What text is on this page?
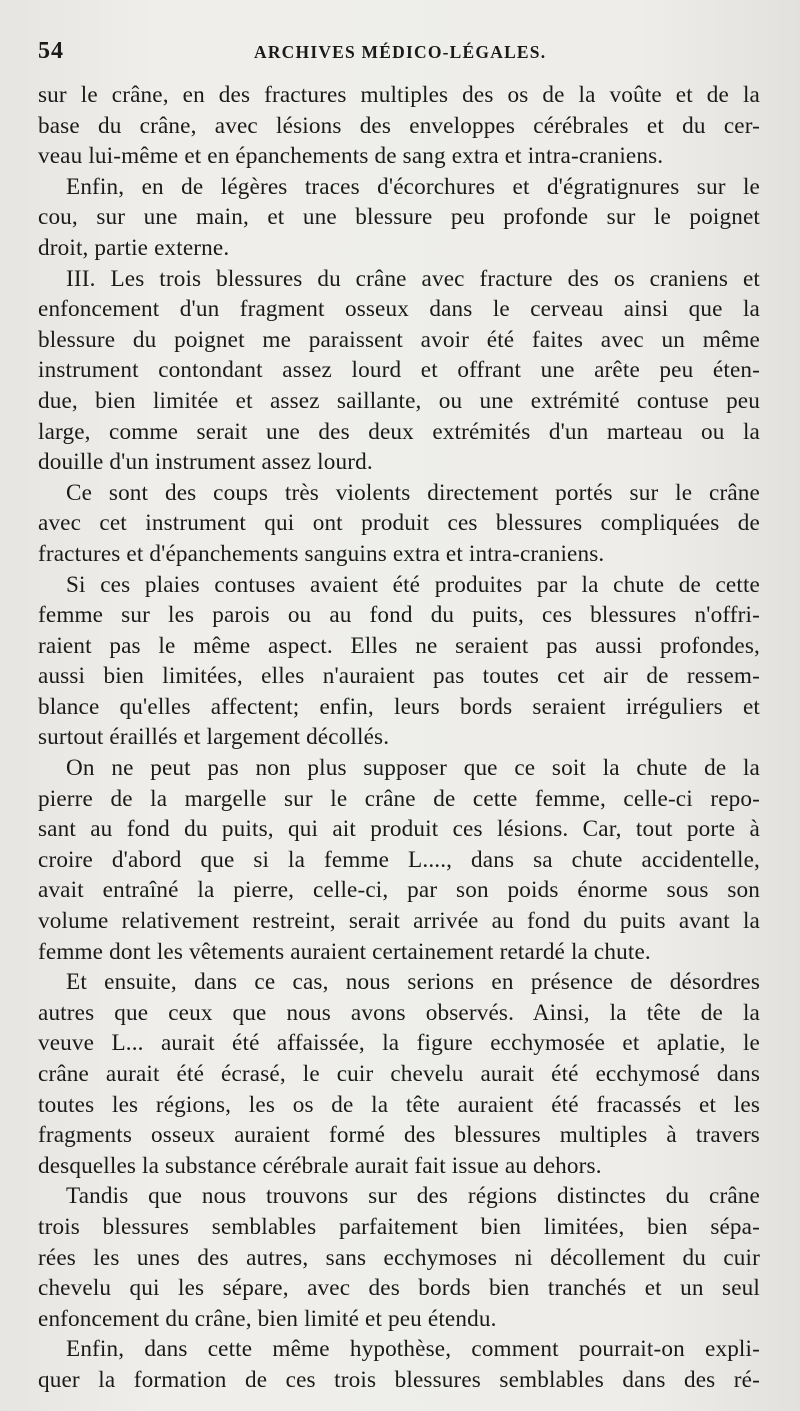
54	ARCHIVES MÉDICO-LÉGALES.
sur le crâne, en des fractures multiples des os de la voûte et de la
base du crâne, avec lésions des enveloppes cérébrales et du cer-
veau lui-même et en épanchements de sang extra et intra-craniens.
Enfin, en de légères traces d'écorchures et d'égratignures sur le
cou, sur une main, et une blessure peu profonde sur le poignet
droit, partie externe.
III. Les trois blessures du crâne avec fracture des os craniens et
enfoncement d'un fragment osseux dans le cerveau ainsi que la
blessure du poignet me paraissent avoir été faites avec un même
instrument contondant assez lourd et offrant une arête peu éten-
due, bien limitée et assez saillante, ou une extrémité contuse peu
large, comme serait une des deux extrémités d'un marteau ou la
douille d'un instrument assez lourd.
Ce sont des coups très violents directement portés sur le crâne
avec cet instrument qui ont produit ces blessures compliquées de
fractures et d'épanchements sanguins extra et intra-craniens.
Si ces plaies contuses avaient été produites par la chute de cette
femme sur les parois ou au fond du puits, ces blessures n'offri-
raient pas le même aspect. Elles ne seraient pas aussi profondes,
aussi bien limitées, elles n'auraient pas toutes cet air de ressem-
blance qu'elles affectent; enfin, leurs bords seraient irréguliers et
surtout éraillés et largement décollés.
On ne peut pas non plus supposer que ce soit la chute de la
pierre de la margelle sur le crâne de cette femme, celle-ci repo-
sant au fond du puits, qui ait produit ces lésions. Car, tout porte à
croire d'abord que si la femme L...., dans sa chute accidentelle,
avait entraîné la pierre, celle-ci, par son poids énorme sous son
volume relativement restreint, serait arrivée au fond du puits avant la
femme dont les vêtements auraient certainement retardé la chute.
Et ensuite, dans ce cas, nous serions en présence de désordres
autres que ceux que nous avons observés. Ainsi, la tête de la
veuve L... aurait été affaissée, la figure ecchymosée et aplatie, le
crâne aurait été écrasé, le cuir chevelu aurait été ecchymosé dans
toutes les régions, les os de la tête auraient été fracassés et les
fragments osseux auraient formé des blessures multiples à travers
desquelles la substance cérébrale aurait fait issue au dehors.
Tandis que nous trouvons sur des régions distinctes du crâne
trois blessures semblables parfaitement bien limitées, bien sépa-
rées les unes des autres, sans ecchymoses ni décollement du cuir
chevelu qui les sépare, avec des bords bien tranchés et un seul
enfoncement du crâne, bien limité et peu étendu.
Enfin, dans cette même hypothèse, comment pourrait-on expli-
quer la formation de ces trois blessures semblables dans des ré-
